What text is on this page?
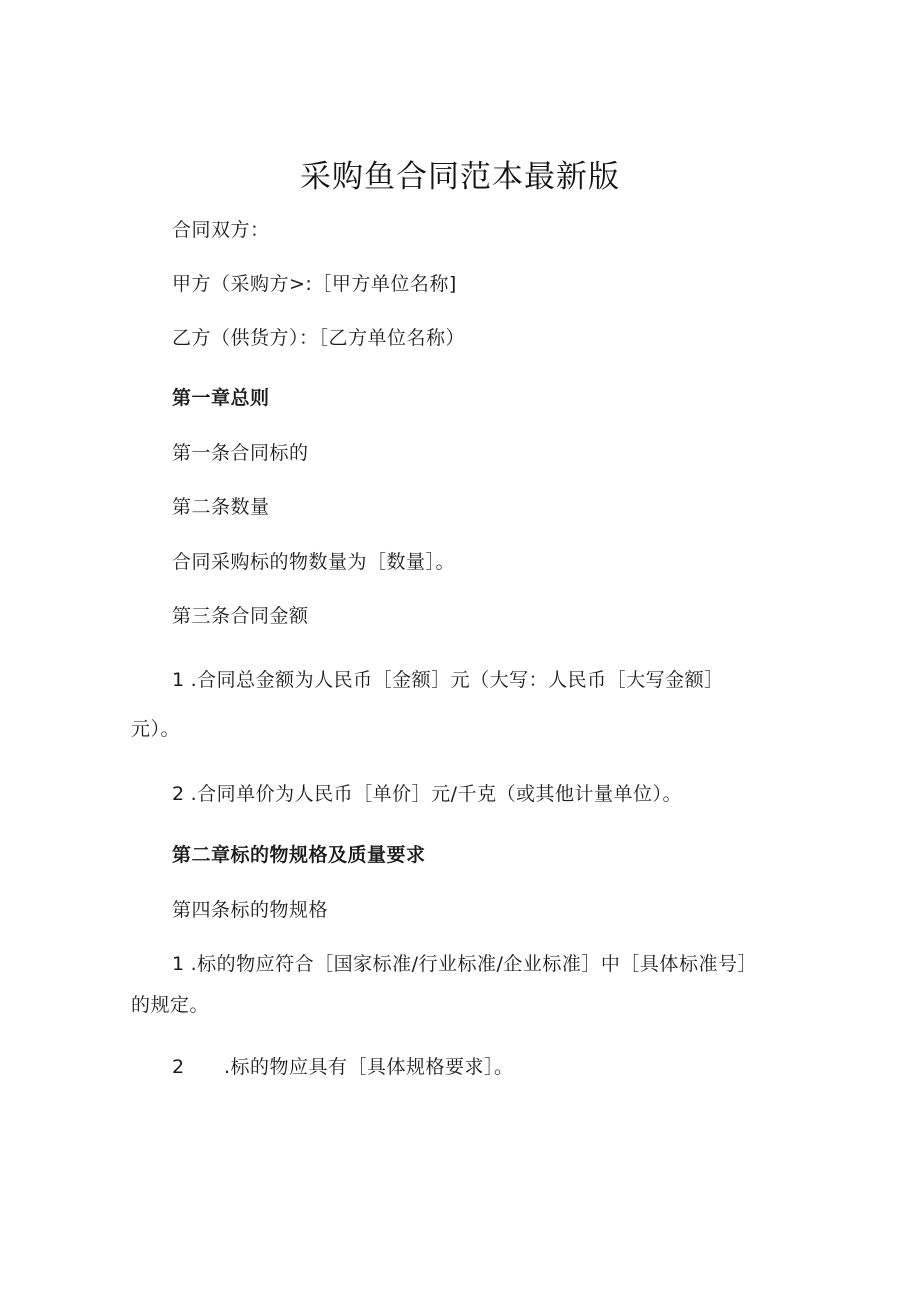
采购鱼合同范本最新版
合同双方：
甲方（采购方>:［甲方单位名称]
乙方（供货方）：［乙方单位名称）
第一章总则
第一条合同标的
第二条数量
合同采购标的物数量为［数量］。
第三条合同金额
1 .合同总金额为人民币［金额］元（大写：人民币［大写金额］
元）。
2 .合同单价为人民币［单价］元/千克（或其他计量单位）。
第二章标的物规格及质量要求
第四条标的物规格
1 .标的物应符合［国家标准/行业标准/企业标准］中［具体标准号］
的规定。
2 .标的物应具有［具体规格要求］。
